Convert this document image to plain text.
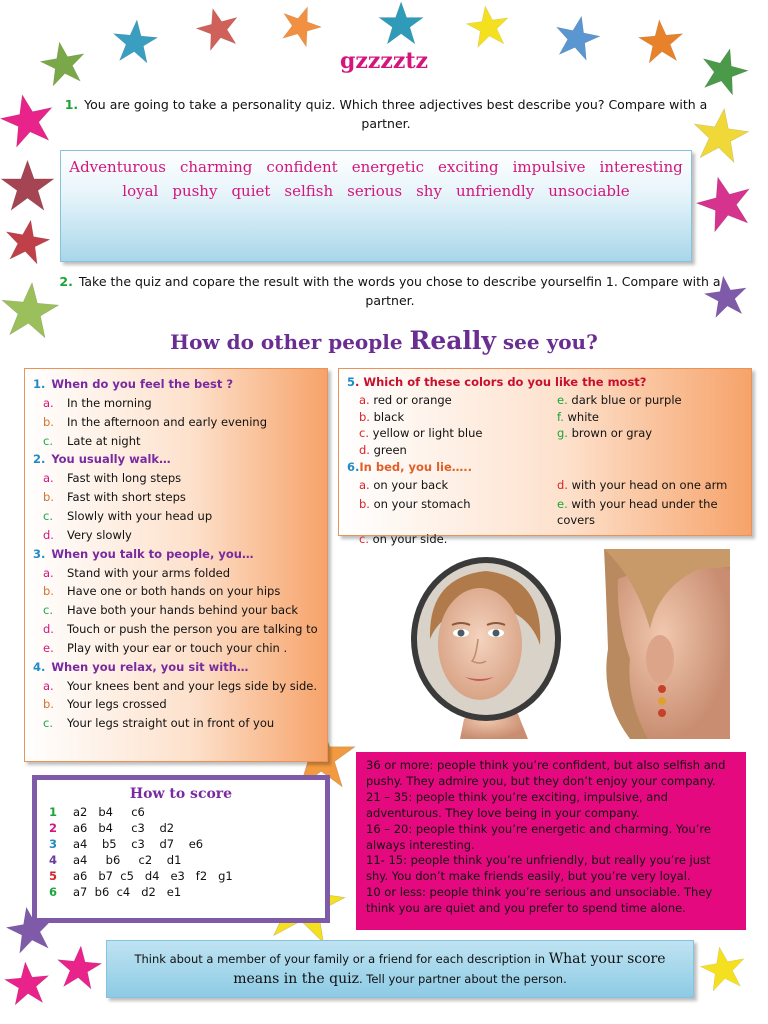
gzzzztz
1. You are going to take a personality quiz. Which three adjectives best describe you? Compare with a partner.
Adventurous charming confident energetic exciting impulsive interesting
loyal pushy quiet selfish serious shy unfriendly unsociable
2. Take the quiz and copare the result with the words you chose to describe yourselfin 1. Compare with a partner.
How do other people Really see you?
1. When do you feel the best ?
a.	In the morning
b.	In the afternoon and early evening
c.	Late at night
2. You usually walk…
a.	Fast with long steps
b.	Fast with short steps
c.	Slowly with your head up
d.	Very slowly
3. When you talk to people, you…
a.	Stand with your arms folded
b.	Have one or both hands on your hips
c.	Have both your hands behind your back
d.	Touch or push the person you are talking to
e.	Play with your ear or touch your chin .
4. When you relax, you sit with…
a.	Your knees bent and your legs side by side.
b.	Your legs crossed
c.	Your legs straight out in front of you
5. Which of these colors do you like the most?
a. red or orange	e. dark blue or purple
b. black	f. white
c. yellow or light blue	g. brown or gray
d. green
6.In bed, you lie…..
a. on your back	d. with your head on one arm
b. on your stomach	e. with your head under the covers
c. on your side.
How to score
1	a2   b4     c6
2	a6   b4     c3    d2
3	a4    b5    c3    d7    e6
4	a4     b6     c2    d1
5	a6   b7  c5   d4   e3   f2   g1
6	a7  b6  c4   d2   e1
36 or more: people think you’re confident, but also selfish and pushy. They admire you, but they don’t enjoy your company.
21 – 35: people think you’re exciting, impulsive, and adventurous. They love being in your company.
16 – 20: people think you’re energetic and charming. You’re always interesting.
11- 15: people think you’re unfriendly, but really you’re just shy. You don’t make friends easily, but you’re very loyal.
10 or less: people think you’re serious and unsociable. They think you are quiet and you prefer to spend time alone.
Think about a member of your family or a friend for each description in What your score
means in the quiz. Tell your partner about the person.
